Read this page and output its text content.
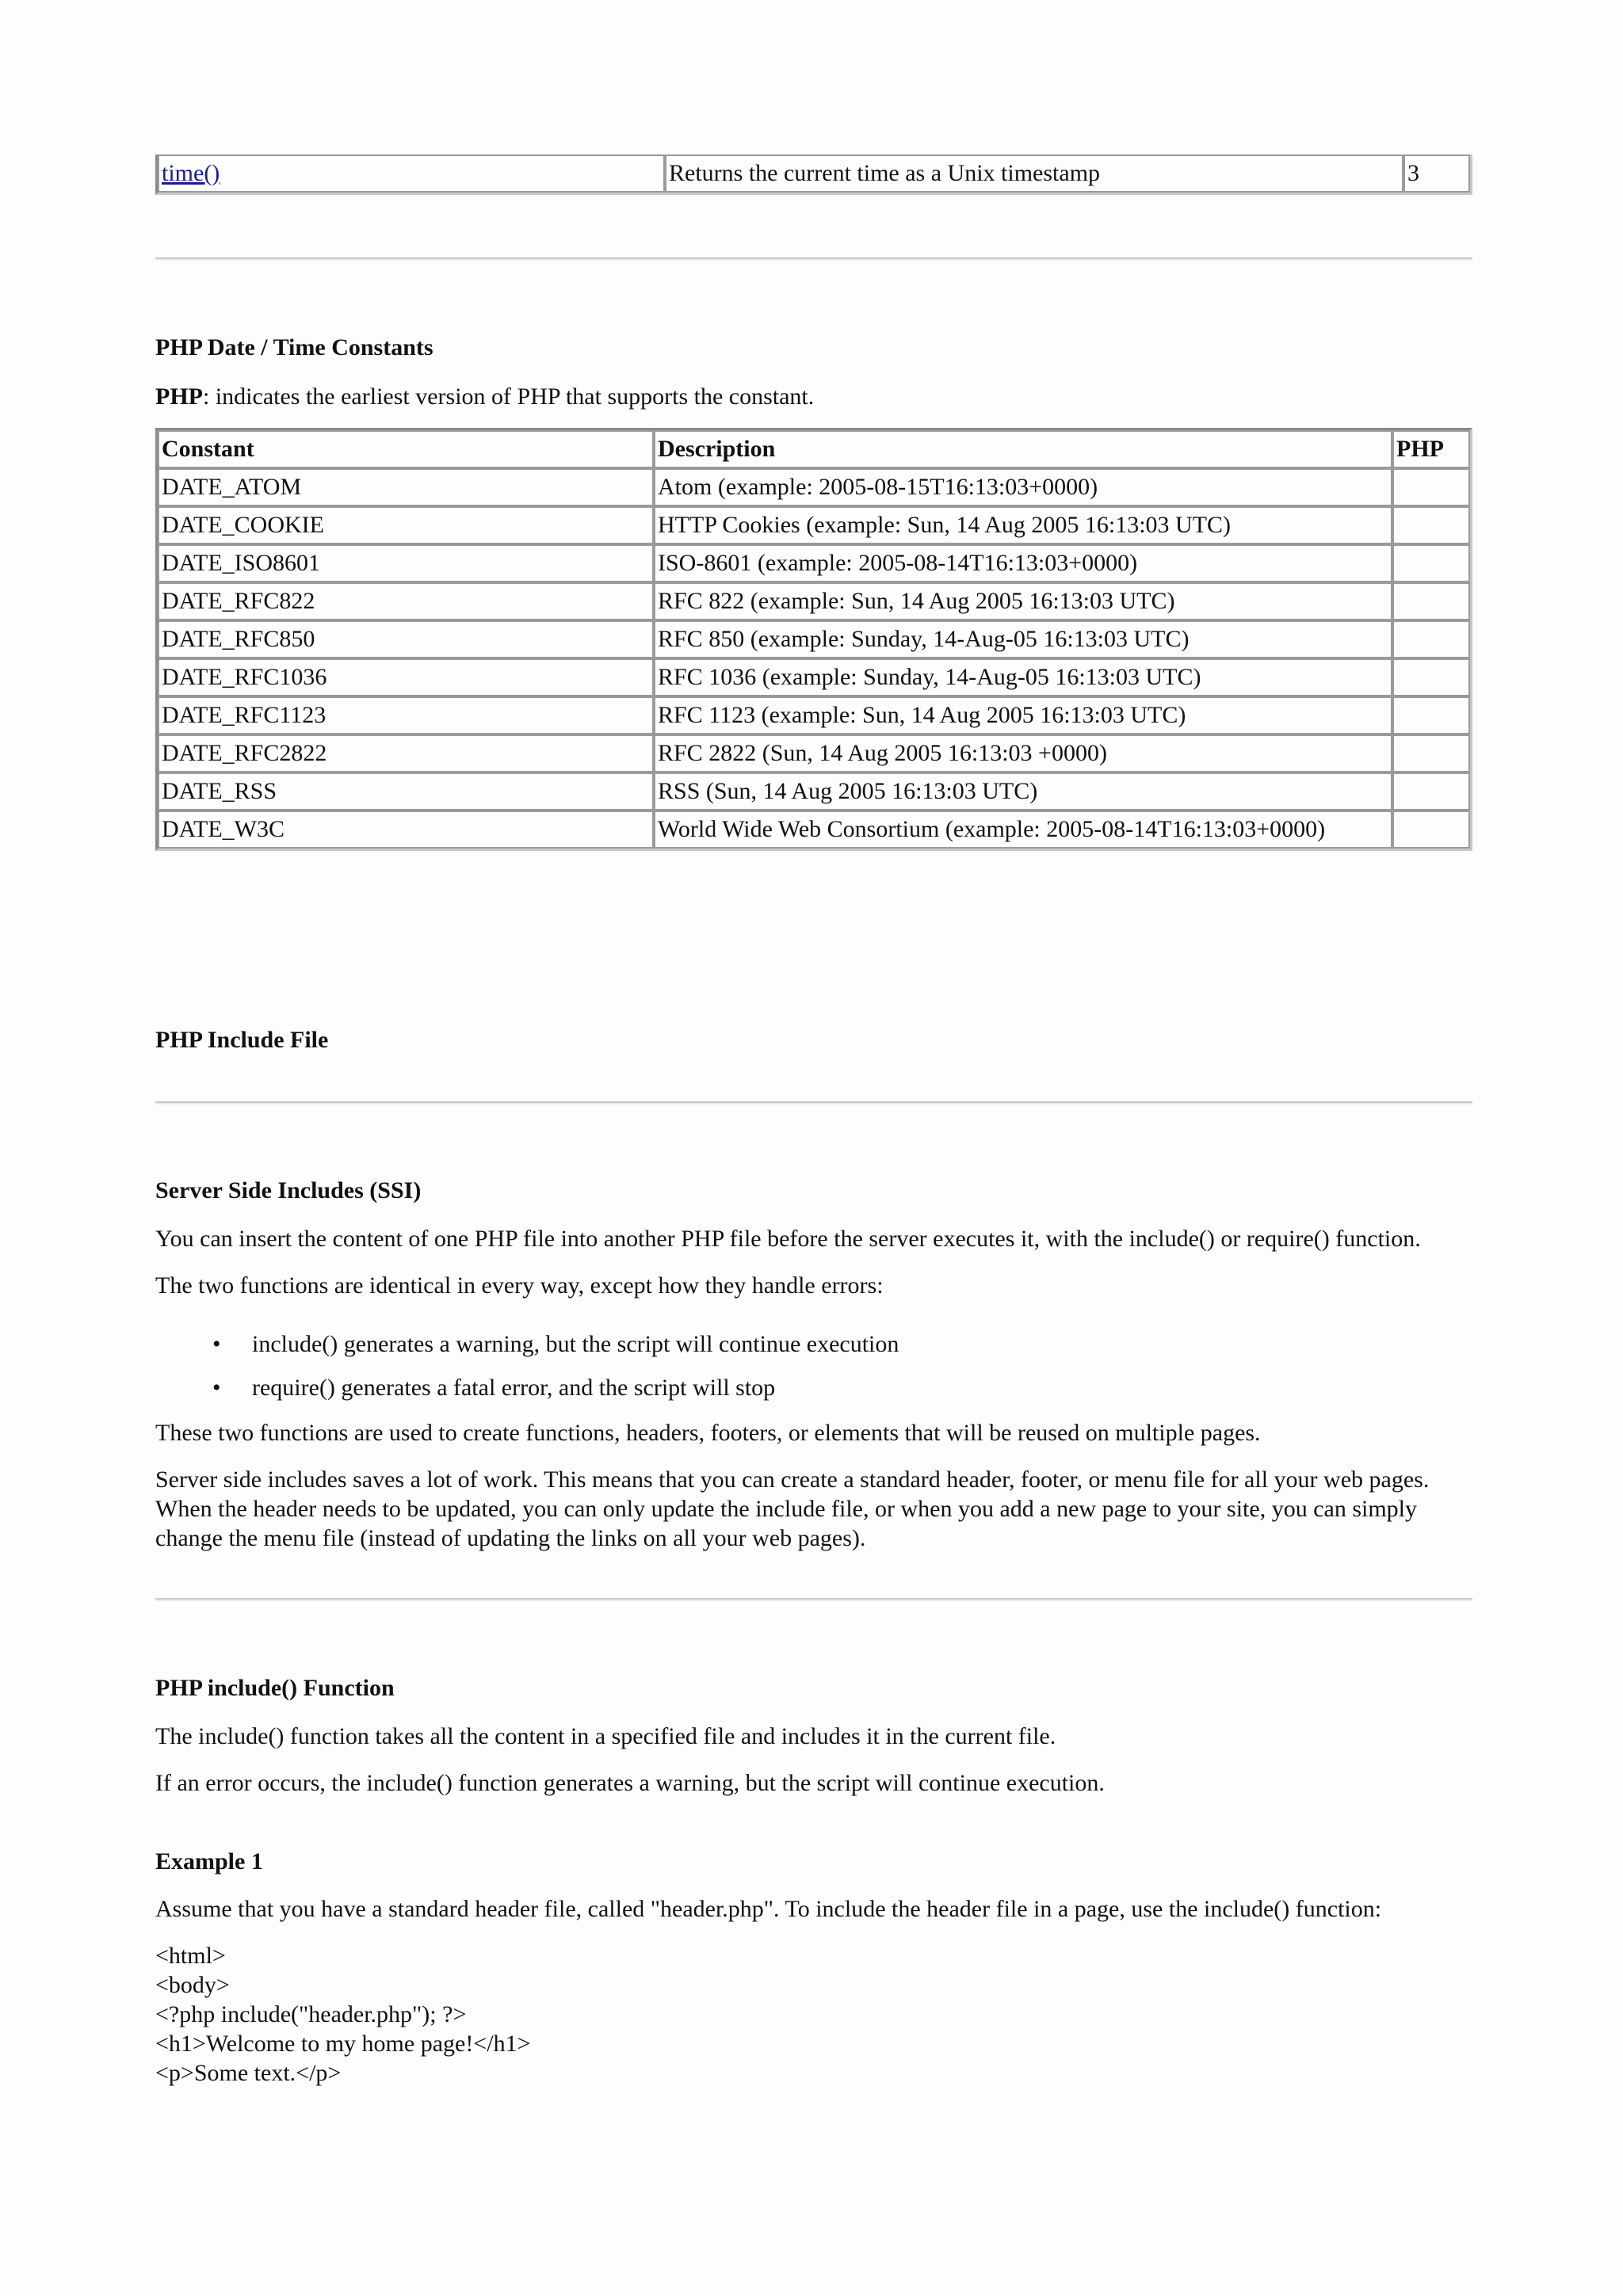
time()	Returns the current time as a Unix timestamp	3
PHP Date / Time Constants
PHP: indicates the earliest version of PHP that supports the constant.
Constant	Description	PHP
DATE_ATOM	Atom (example: 2005-08-15T16:13:03+0000)	
DATE_COOKIE	HTTP Cookies (example: Sun, 14 Aug 2005 16:13:03 UTC)	
DATE_ISO8601	ISO-8601 (example: 2005-08-14T16:13:03+0000)	
DATE_RFC822	RFC 822 (example: Sun, 14 Aug 2005 16:13:03 UTC)	
DATE_RFC850	RFC 850 (example: Sunday, 14-Aug-05 16:13:03 UTC)	
DATE_RFC1036	RFC 1036 (example: Sunday, 14-Aug-05 16:13:03 UTC)	
DATE_RFC1123	RFC 1123 (example: Sun, 14 Aug 2005 16:13:03 UTC)	
DATE_RFC2822	RFC 2822 (Sun, 14 Aug 2005 16:13:03 +0000)	
DATE_RSS	RSS (Sun, 14 Aug 2005 16:13:03 UTC)	
DATE_W3C	World Wide Web Consortium (example: 2005-08-14T16:13:03+0000)	
PHP Include File
Server Side Includes (SSI)
You can insert the content of one PHP file into another PHP file before the server executes it, with the include() or require() function.
The two functions are identical in every way, except how they handle errors:
• include() generates a warning, but the script will continue execution
• require() generates a fatal error, and the script will stop
These two functions are used to create functions, headers, footers, or elements that will be reused on multiple pages.
Server side includes saves a lot of work. This means that you can create a standard header, footer, or menu file for all your web pages. When the header needs to be updated, you can only update the include file, or when you add a new page to your site, you can simply change the menu file (instead of updating the links on all your web pages).
PHP include() Function
The include() function takes all the content in a specified file and includes it in the current file.
If an error occurs, the include() function generates a warning, but the script will continue execution.
Example 1
Assume that you have a standard header file, called "header.php". To include the header file in a page, use the include() function:
<html>
<body>
<?php include("header.php"); ?>
<h1>Welcome to my home page!</h1>
<p>Some text.</p>
